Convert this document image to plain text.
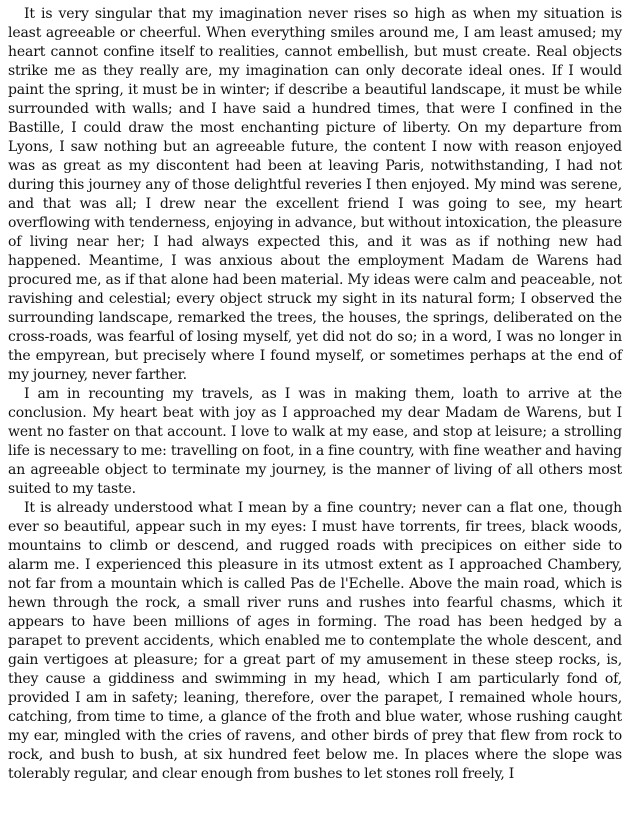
It is very singular that my imagination never rises so high as when my situation is least agreeable or cheerful. When everything smiles around me, I am least amused; my heart cannot confine itself to realities, cannot embellish, but must create. Real objects strike me as they really are, my imagination can only decorate ideal ones. If I would paint the spring, it must be in winter; if describe a beautiful landscape, it must be while surrounded with walls; and I have said a hundred times, that were I confined in the Bastille, I could draw the most enchanting picture of liberty. On my departure from Lyons, I saw nothing but an agreeable future, the content I now with reason enjoyed was as great as my discontent had been at leaving Paris, notwithstanding, I had not during this journey any of those delightful reveries I then enjoyed. My mind was serene, and that was all; I drew near the excellent friend I was going to see, my heart overflowing with tenderness, enjoying in advance, but without intoxication, the pleasure of living near her; I had always expected this, and it was as if nothing new had happened. Meantime, I was anxious about the employment Madam de Warens had procured me, as if that alone had been material. My ideas were calm and peaceable, not ravishing and celestial; every object struck my sight in its natural form; I observed the surrounding landscape, remarked the trees, the houses, the springs, deliberated on the cross-roads, was fearful of losing myself, yet did not do so; in a word, I was no longer in the empyrean, but precisely where I found myself, or sometimes perhaps at the end of my journey, never farther.

I am in recounting my travels, as I was in making them, loath to arrive at the conclusion. My heart beat with joy as I approached my dear Madam de Warens, but I went no faster on that account. I love to walk at my ease, and stop at leisure; a strolling life is necessary to me: travelling on foot, in a fine country, with fine weather and having an agreeable object to terminate my journey, is the manner of living of all others most suited to my taste.

It is already understood what I mean by a fine country; never can a flat one, though ever so beautiful, appear such in my eyes: I must have torrents, fir trees, black woods, mountains to climb or descend, and rugged roads with precipices on either side to alarm me. I experienced this pleasure in its utmost extent as I approached Chambery, not far from a mountain which is called Pas de l'Echelle. Above the main road, which is hewn through the rock, a small river runs and rushes into fearful chasms, which it appears to have been millions of ages in forming. The road has been hedged by a parapet to prevent accidents, which enabled me to contemplate the whole descent, and gain vertigoes at pleasure; for a great part of my amusement in these steep rocks, is, they cause a giddiness and swimming in my head, which I am particularly fond of, provided I am in safety; leaning, therefore, over the parapet, I remained whole hours, catching, from time to time, a glance of the froth and blue water, whose rushing caught my ear, mingled with the cries of ravens, and other birds of prey that flew from rock to rock, and bush to bush, at six hundred feet below me. In places where the slope was tolerably regular, and clear enough from bushes to let stones roll freely, I
